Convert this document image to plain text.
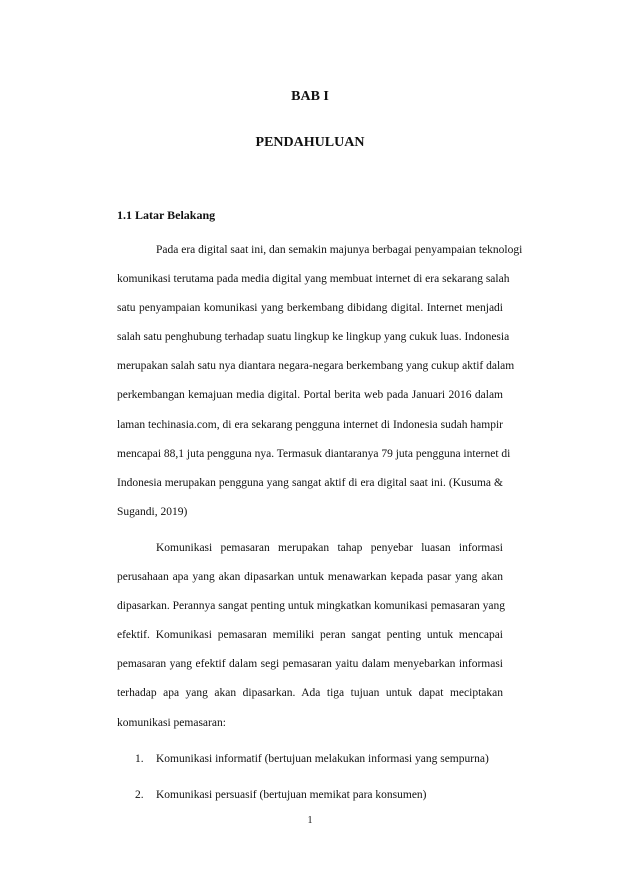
BAB I
PENDAHULUAN
1.1 Latar Belakang
Pada era digital saat ini, dan semakin majunya berbagai penyampaian teknologi
komunikasi terutama pada media digital yang membuat internet di era sekarang salah
satu penyampaian komunikasi yang berkembang dibidang digital. Internet menjadi
salah satu penghubung terhadap suatu lingkup ke lingkup yang cukuk luas. Indonesia
merupakan salah satu nya diantara negara-negara berkembang yang cukup aktif dalam
perkembangan kemajuan media digital. Portal berita web pada Januari 2016 dalam
laman techinasia.com, di era sekarang pengguna internet di Indonesia sudah hampir
mencapai 88,1 juta pengguna nya. Termasuk diantaranya 79 juta pengguna internet di
Indonesia merupakan pengguna yang sangat aktif di era digital saat ini. (Kusuma &
Sugandi, 2019)
Komunikasi pemasaran merupakan tahap penyebar luasan informasi
perusahaan apa yang akan dipasarkan untuk menawarkan kepada pasar yang akan
dipasarkan. Perannya sangat penting untuk mingkatkan komunikasi pemasaran yang
efektif. Komunikasi pemasaran memiliki peran sangat penting untuk mencapai
pemasaran yang efektif dalam segi pemasaran yaitu dalam menyebarkan informasi
terhadap apa yang akan dipasarkan. Ada tiga tujuan untuk dapat meciptakan
komunikasi pemasaran:
1. Komunikasi informatif (bertujuan melakukan informasi yang sempurna)
2. Komunikasi persuasif (bertujuan memikat para konsumen)
1
